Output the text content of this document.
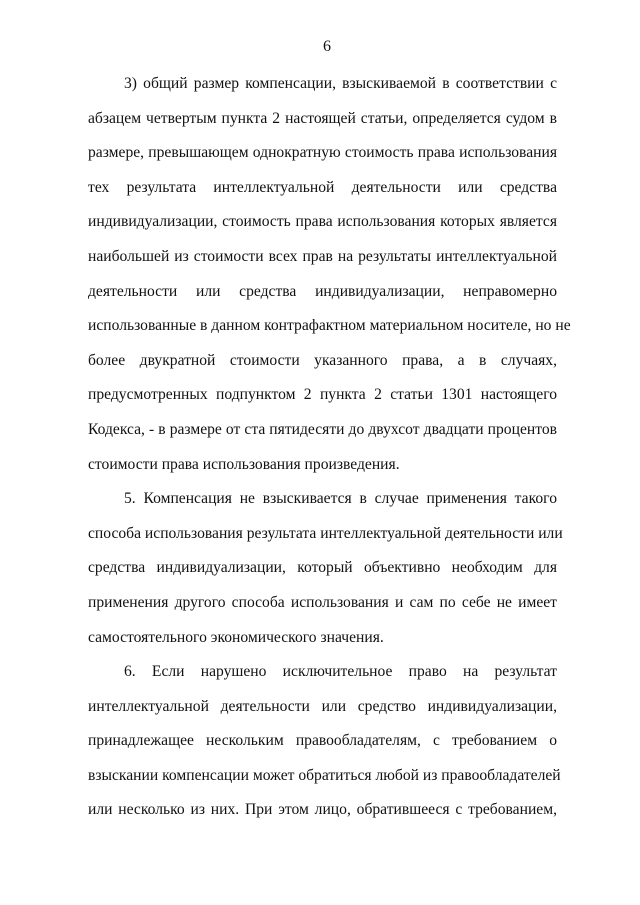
6

3) общий размер компенсации, взыскиваемой в соответствии с
абзацем четвертым пункта 2 настоящей статьи, определяется судом в
размере, превышающем однократную стоимость права использования
тех результата интеллектуальной деятельности или средства
индивидуализации, стоимость права использования которых является
наибольшей из стоимости всех прав на результаты интеллектуальной
деятельности или средства индивидуализации, неправомерно
использованные в данном контрафактном материальном носителе, но не
более двукратной стоимости указанного права, а в случаях,
предусмотренных подпунктом 2 пункта 2 статьи 1301 настоящего
Кодекса, - в размере от ста пятидесяти до двухсот двадцати процентов
стоимости права использования произведения.

5. Компенсация не взыскивается в случае применения такого
способа использования результата интеллектуальной деятельности или
средства индивидуализации, который объективно необходим для
применения другого способа использования и сам по себе не имеет
самостоятельного экономического значения.

6. Если нарушено исключительное право на результат
интеллектуальной деятельности или средство индивидуализации,
принадлежащее нескольким правообладателям, с требованием о
взыскании компенсации может обратиться любой из правообладателей
или несколько из них. При этом лицо, обратившееся с требованием,
